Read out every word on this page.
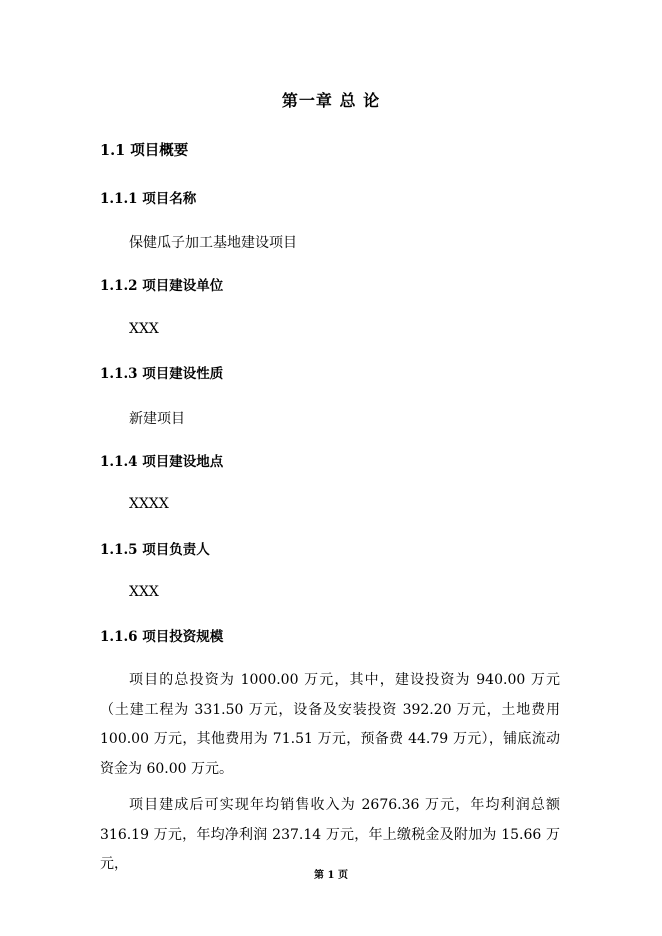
第一章 总 论
1.1 项目概要
1.1.1 项目名称
保健瓜子加工基地建设项目
1.1.2 项目建设单位
XXX
1.1.3 项目建设性质
新建项目
1.1.4 项目建设地点
XXXX
1.1.5 项目负责人
XXX
1.1.6 项目投资规模

项目的总投资为 1000.00 万元，其中，建设投资为 940.00 万元（土建工程为 331.50 万元，设备及安装投资 392.20 万元，土地费用 100.00 万元，其他费用为 71.51 万元，预备费 44.79 万元），铺底流动资金为 60.00 万元。

项目建成后可实现年均销售收入为 2676.36 万元，年均利润总额 316.19 万元，年均净利润 237.14 万元，年上缴税金及附加为 15.66 万元，

第 1 页
